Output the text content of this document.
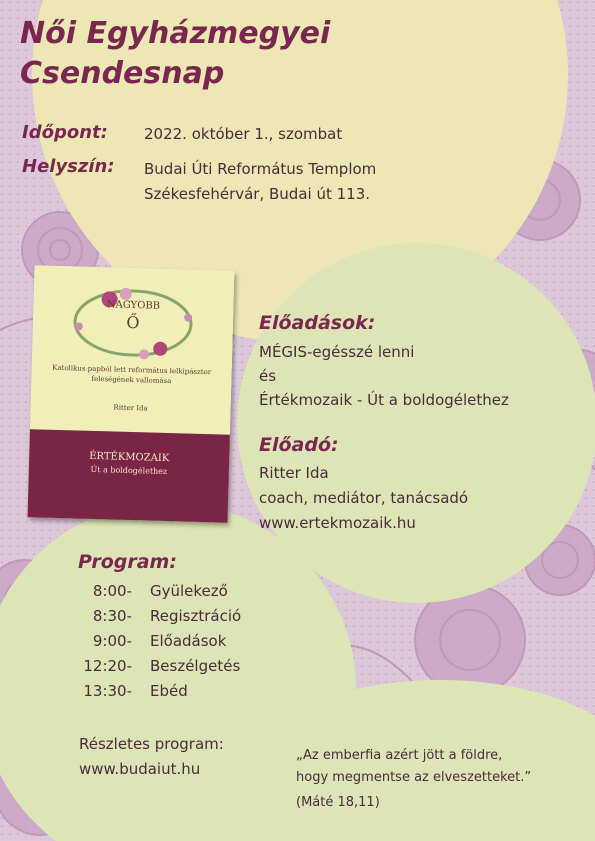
Női Egyházmegyei
Csendesnap
Időpont: 2022. október 1., szombat
Helyszín: Budai Úti Református Templom
Székesfehérvár, Budai út 113.
NAGYOBB
Ő
Katolikus papból lett református lelkipásztor
feleségének vallomása
Ritter Ida
ÉRTÉKMOZAIK
Út a boldogélethez
Előadások:
MÉGIS-egésszé lenni
és
Értékmozaik - Út a boldogélethez
Előadó:
Ritter Ida
coach, mediátor, tanácsadó
www.ertekmozaik.hu
Program:
8:00- Gyülekező
8:30- Regisztráció
9:00- Előadások
12:20- Beszélgetés
13:30- Ebéd
Részletes program:
www.budaiut.hu
„Az emberfia azért jött a földre,
hogy megmentse az elveszetteket.”
(Máté 18,11)
